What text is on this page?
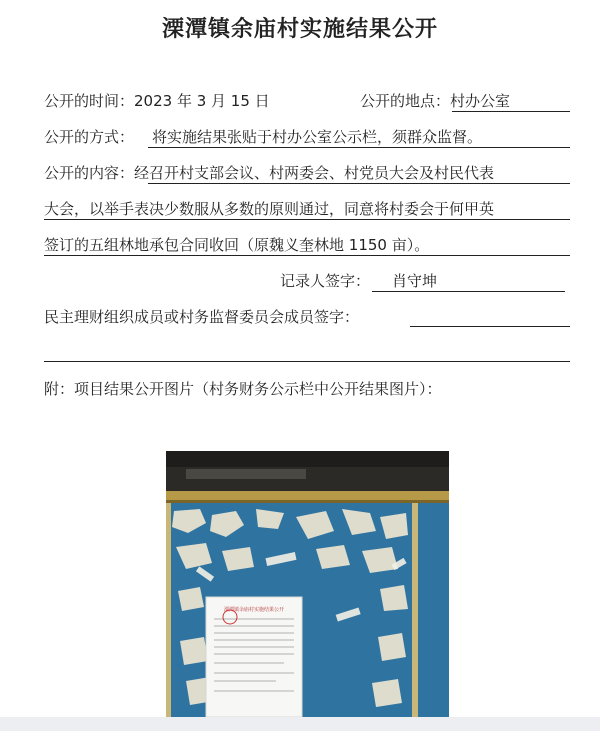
溧潭镇余庙村实施结果公开
公开的时间：2023 年 3 月 15 日	公开的地点：村办公室
公开的方式： 将实施结果张贴于村办公室公示栏，须群众监督。
公开的内容：经召开村支部会议、村两委会、村党员大会及村民代表
大会，以举手表决少数服从多数的原则通过，同意将村委会于何甲英
签订的五组林地承包合同收回（原魏义奎林地 1150 亩）。
记录人签字： 肖守坤
民主理财组织成员或村务监督委员会成员签字：
附：项目结果公开图片（村务财务公示栏中公开结果图片）：
溧潭镇余庙村实施结果公开
